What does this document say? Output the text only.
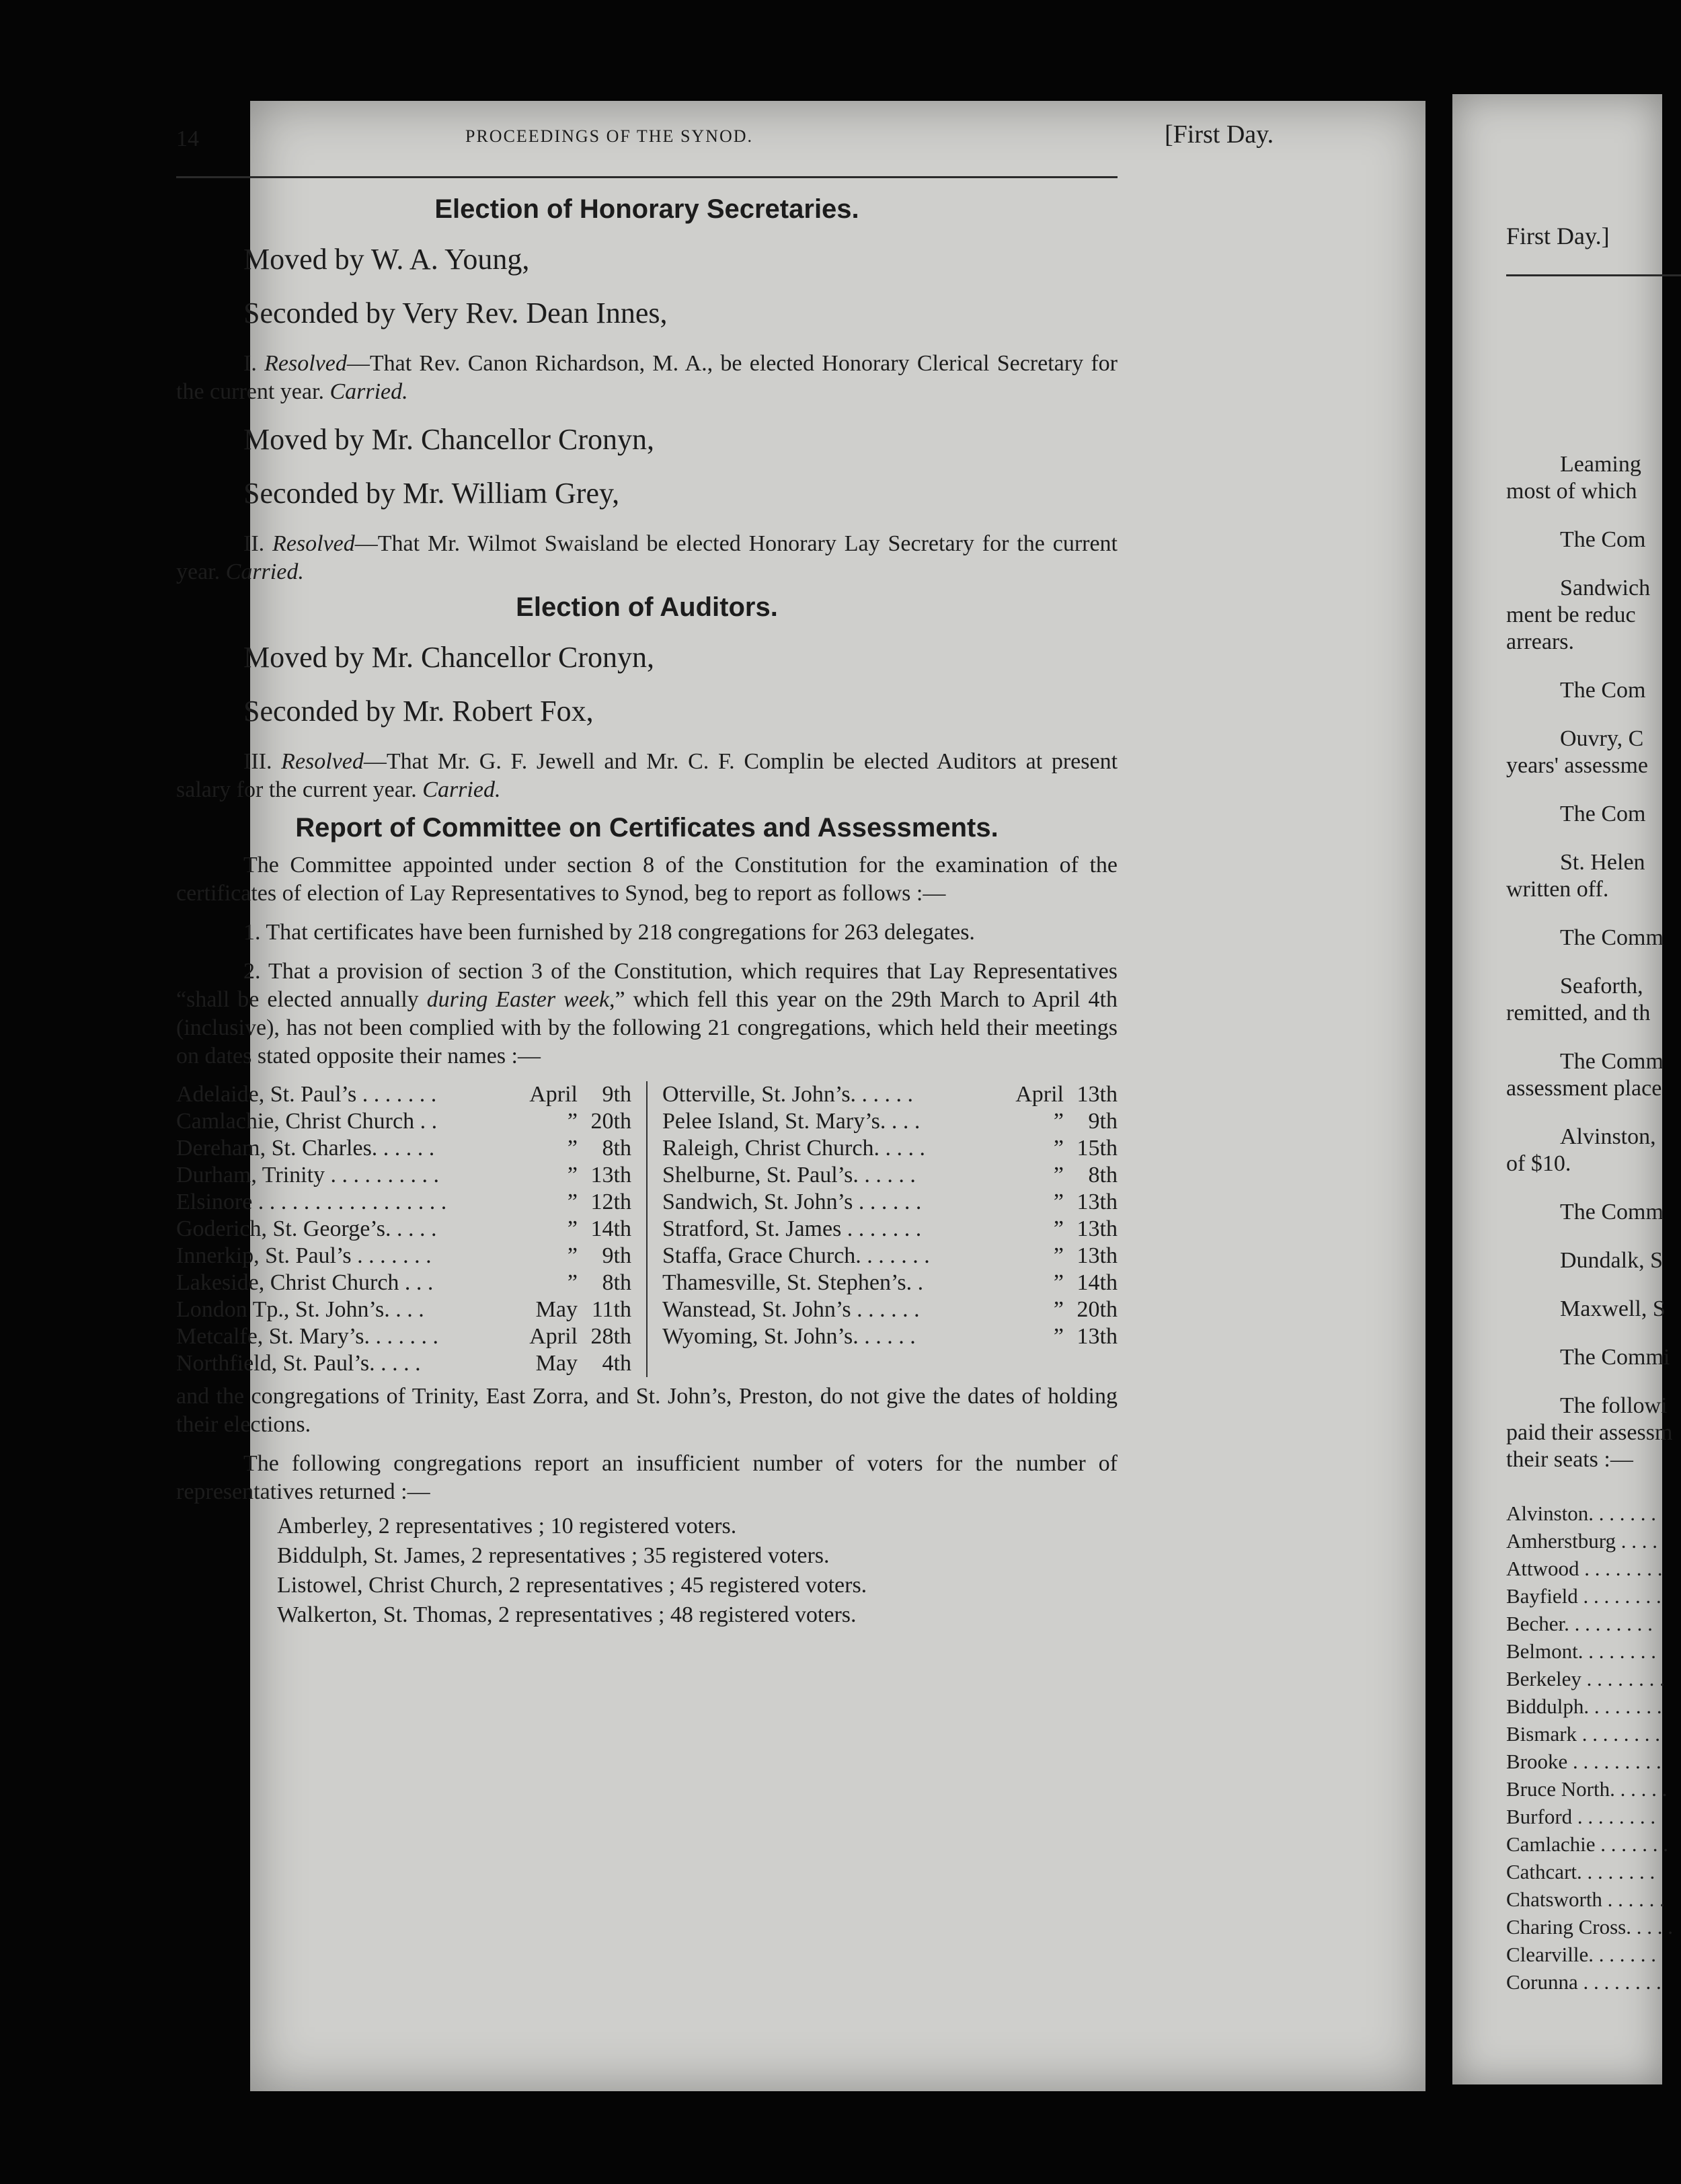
14	PROCEEDINGS OF THE SYNOD.	[First Day.
Election of Honorary Secretaries.
Moved by W. A. Young,
Seconded by Very Rev. Dean Innes,
I. Resolved—That Rev. Canon Richardson, M. A., be elected Honorary Clerical Secretary for the current year. Carried.
Moved by Mr. Chancellor Cronyn,
Seconded by Mr. William Grey,
II. Resolved—That Mr. Wilmot Swaisland be elected Honorary Lay Secretary for the current year. Carried.
Election of Auditors.
Moved by Mr. Chancellor Cronyn,
Seconded by Mr. Robert Fox,
III. Resolved—That Mr. G. F. Jewell and Mr. C. F. Complin be elected Auditors at present salary for the current year. Carried.
Report of Committee on Certificates and Assessments.
The Committee appointed under section 8 of the Constitution for the examination of the certificates of election of Lay Representatives to Synod, beg to report as follows :—
1. That certificates have been furnished by 218 congregations for 263 delegates.
2. That a provision of section 3 of the Constitution, which requires that Lay Representatives “shall be elected annually during Easter week,” which fell this year on the 29th March to April 4th (inclusive), has not been complied with by the following 21 congregations, which held their meetings on dates stated opposite their names :—
Adelaide, St. Paul’s . . . . . . .	April	9th
Camlachie, Christ Church . .	” 20th
Dereham, St. Charles. . . . . .	”	8th
Durham, Trinity . . . . . . . . . .	” 13th
Elsinore . . . . . . . . . . . . . . . . .	” 12th
Goderich, St. George’s. . . . .	” 14th
Innerkip, St. Paul’s . . . . . . .	”	9th
Lakeside, Christ Church . . .	”	8th
London Tp., St. John’s. . . .	May 11th
Metcalfe, St. Mary’s. . . . . . .	April 28th
Northfield, St. Paul’s. . . . .	May	4th
Otterville, St. John’s. . . . . .	April 13th
Pelee Island, St. Mary’s. . . .	”	9th
Raleigh, Christ Church. . . . .	” 15th
Shelburne, St. Paul’s. . . . . .	”	8th
Sandwich, St. John’s . . . . . .	” 13th
Stratford, St. James . . . . . . .	” 13th
Staffa, Grace Church. . . . . . .	” 13th
Thamesville, St. Stephen’s. .	” 14th
Wanstead, St. John’s . . . . . .	” 20th
Wyoming, St. John’s. . . . . .	” 13th
and the congregations of Trinity, East Zorra, and St. John’s, Preston, do not give the dates of holding their elections.
The following congregations report an insufficient number of voters for the number of representatives returned :—
Amberley, 2 representatives ; 10 registered voters.
Biddulph, St. James, 2 representatives ; 35 registered voters.
Listowel, Christ Church, 2 representatives ; 45 registered voters.
Walkerton, St. Thomas, 2 representatives ; 48 registered voters.
First Day.]
Leaming
most of which
The Com
Sandwich
ment be reduc
arrears.
The Com
Ouvry, C
years' assessme
The Com
St. Helen
written off.
The Comm
Seaforth,
remitted, and th
The Comm
assessment place
Alvinston,
of $10.
The Comm
Dundalk, S
Maxwell, S
The Commi
The followi
paid their assessm
their seats :—
Alvinston. . . . . . .
Amherstburg . . . .
Attwood . . . . . . . .
Bayfield . . . . . . . .
Becher. . . . . . . . .
Belmont. . . . . . . .
Berkeley . . . . . . . .
Biddulph. . . . . . . .
Bismark . . . . . . . .
Brooke . . . . . . . . .
Bruce North. . . . . .
Burford . . . . . . . .
Camlachie . . . . . . .
Cathcart. . . . . . . .
Chatsworth . . . . . .
Charing Cross. . . . .
Clearville. . . . . . .
Corunna . . . . . . . .
